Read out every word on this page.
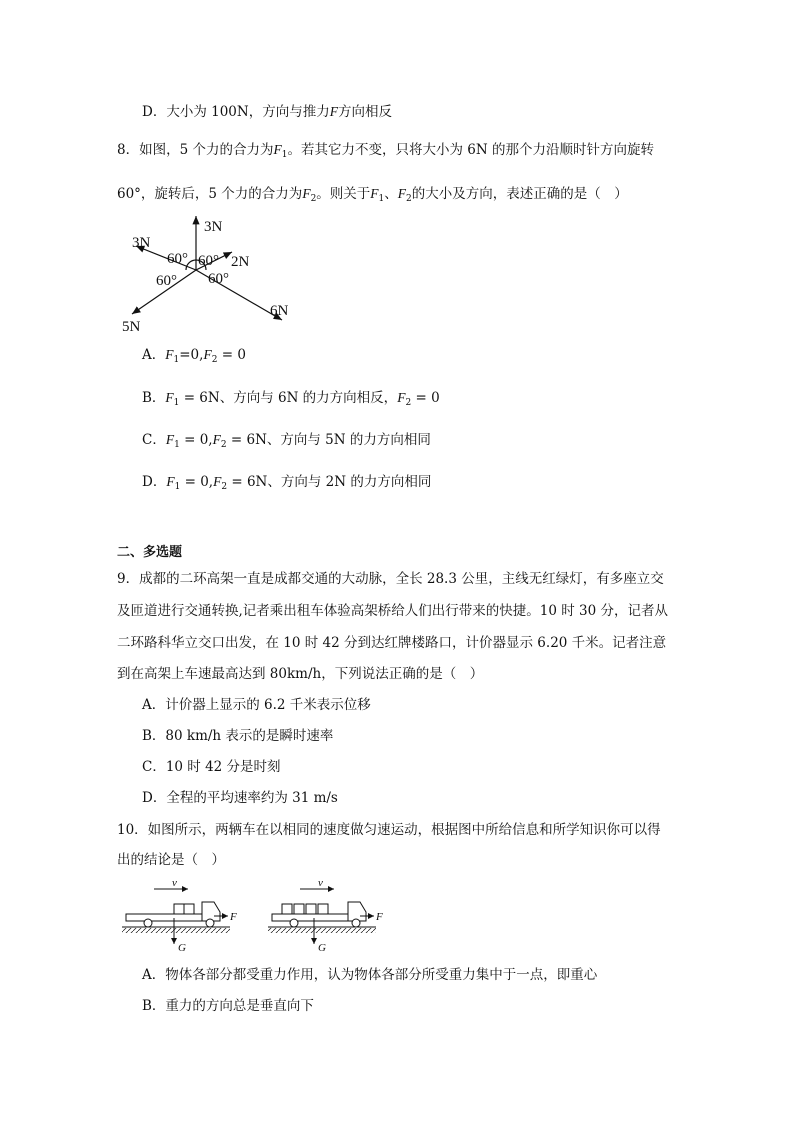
D．大小为 100N，方向与推力F方向相反
8．如图，5 个力的合力为$F_1$。若其它力不变，只将大小为 6N 的那个力沿顺时针方向旋转
60°，旋转后，5 个力的合力为$F_2$。则关于$F_1$、$F_2$的大小及方向，表述正确的是（　）
3N
3N
2N
5N
6N
60° 60°
60°
60°
A．$F_1=0,F_2 = 0$
B．$F_1 = 6N$、方向与 6N 的力方向相反，$F_2 = 0$
C．$F_1 = 0,F_2 = 6N$、方向与 5N 的力方向相同
D．$F_1 = 0,F_2 = 6N$、方向与 2N 的力方向相同
二、多选题
9．成都的二环高架一直是成都交通的大动脉，全长 28.3 公里，主线无红绿灯，有多座立交
及匝道进行交通转换,记者乘出租车体验高架桥给人们出行带来的快捷。10 时 30 分，记者从
二环路科华立交口出发，在 10 时 42 分到达红牌楼路口，计价器显示 6.20 千米。记者注意
到在高架上车速最高达到 80km/h，下列说法正确的是（　）
A．计价器上显示的 6.2 千米表示位移
B．80 km/h 表示的是瞬时速率
C．10 时 42 分是时刻
D．全程的平均速率约为 31 m/s
10．如图所示，两辆车在以相同的速度做匀速运动，根据图中所给信息和所学知识你可以得
出的结论是（　）
v
F
G
v
F
G
A．物体各部分都受重力作用，认为物体各部分所受重力集中于一点，即重心
B．重力的方向总是垂直向下
